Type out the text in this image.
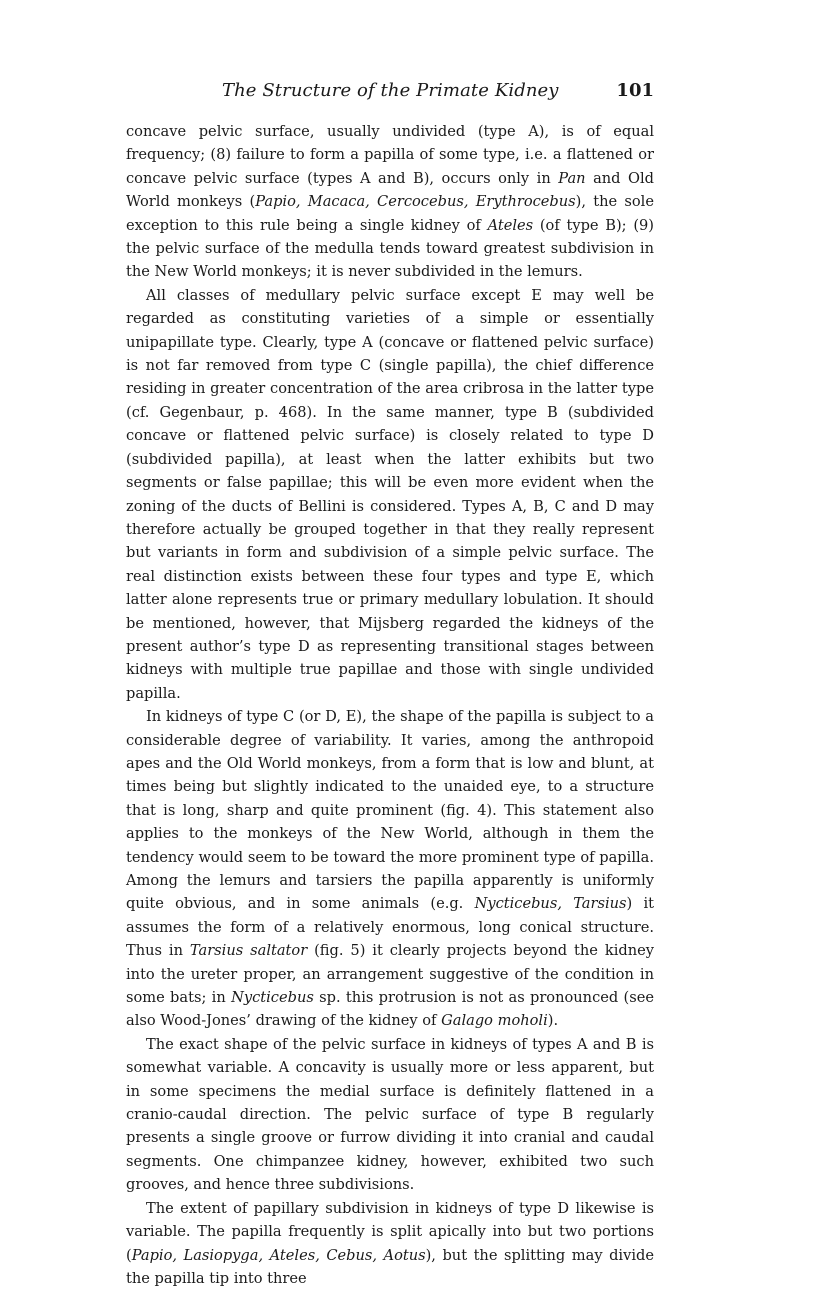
The Structure of the Primate Kidney	101

concave pelvic surface, usually undivided (type A), is of equal frequency; (8) failure to form a papilla of some type, i.e. a flattened or concave pelvic surface (types A and B), occurs only in Pan and Old World monkeys (Papio, Macaca, Cercocebus, Erythrocebus), the sole exception to this rule being a single kidney of Ateles (of type B); (9) the pelvic surface of the medulla tends toward greatest subdivision in the New World monkeys; it is never subdivided in the lemurs.

All classes of medullary pelvic surface except E may well be regarded as constituting varieties of a simple or essentially unipapillate type. Clearly, type A (concave or flattened pelvic surface) is not far removed from type C (single papilla), the chief difference residing in greater concentration of the area cribrosa in the latter type (cf. Gegenbaur, p. 468). In the same manner, type B (subdivided concave or flattened pelvic surface) is closely related to type D (subdivided papilla), at least when the latter exhibits but two segments or false papillae; this will be even more evident when the zoning of the ducts of Bellini is considered. Types A, B, C and D may therefore actually be grouped together in that they really represent but variants in form and subdivision of a simple pelvic surface. The real distinction exists between these four types and type E, which latter alone represents true or primary medullary lobulation. It should be mentioned, however, that Mijsberg regarded the kidneys of the present author’s type D as representing transitional stages between kidneys with multiple true papillae and those with single undivided papilla.

In kidneys of type C (or D, E), the shape of the papilla is subject to a considerable degree of variability. It varies, among the anthropoid apes and the Old World monkeys, from a form that is low and blunt, at times being but slightly indicated to the unaided eye, to a structure that is long, sharp and quite prominent (fig. 4). This statement also applies to the monkeys of the New World, although in them the tendency would seem to be toward the more prominent type of papilla. Among the lemurs and tarsiers the papilla apparently is uniformly quite obvious, and in some animals (e.g. Nycticebus, Tarsius) it assumes the form of a relatively enormous, long conical structure. Thus in Tarsius saltator (fig. 5) it clearly projects beyond the kidney into the ureter proper, an arrangement suggestive of the condition in some bats; in Nycticebus sp. this protrusion is not as pronounced (see also Wood-Jones’ drawing of the kidney of Galago moholi).

The exact shape of the pelvic surface in kidneys of types A and B is somewhat variable. A concavity is usually more or less apparent, but in some specimens the medial surface is definitely flattened in a cranio-caudal direction. The pelvic surface of type B regularly presents a single groove or furrow dividing it into cranial and caudal segments. One chimpanzee kidney, however, exhibited two such grooves, and hence three subdivisions.

The extent of papillary subdivision in kidneys of type D likewise is variable. The papilla frequently is split apically into but two portions (Papio, Lasiopyga, Ateles, Cebus, Aotus), but the splitting may divide the papilla tip into three
